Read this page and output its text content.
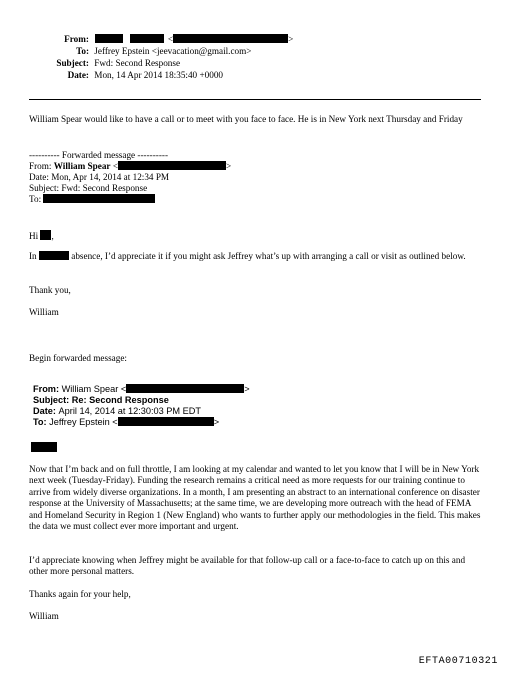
From:	<	>
To: Jeffrey Epstein <jeevacation@gmail.com>
Subject: Fwd: Second Response
Date: Mon, 14 Apr 2014 18:35:40 +0000
William Spear would like to have a call or to meet with you face to face. He is in New York next Thursday and Friday
---------- Forwarded message ----------
From: William Spear <	>
Date: Mon, Apr 14, 2014 at 12:34 PM
Subject: Fwd: Second Response
To:
Hi ,
In	absence, I’d appreciate it if you might ask Jeffrey what’s up with arranging a call or visit as outlined below.
Thank you,
William
Begin forwarded message:
From: William Spear <	>
Subject: Re: Second Response
Date: April 14, 2014 at 12:30:03 PM EDT
To: Jeffrey Epstein <	>
Now that I’m back and on full throttle, I am looking at my calendar and wanted to let you know that I will be in New York next week (Tuesday-Friday). Funding the research remains a critical need as more requests for our training continue to arrive from widely diverse organizations. In a month, I am presenting an abstract to an international conference on disaster response at the University of Massachusetts; at the same time, we are developing more outreach with the head of FEMA and Homeland Security in Region 1 (New England) who wants to further apply our methodologies in the field. This makes the data we must collect ever more important and urgent.
I’d appreciate knowing when Jeffrey might be available for that follow-up call or a face-to-face to catch up on this and other more personal matters.
Thanks again for your help,
William
EFTA00710321
